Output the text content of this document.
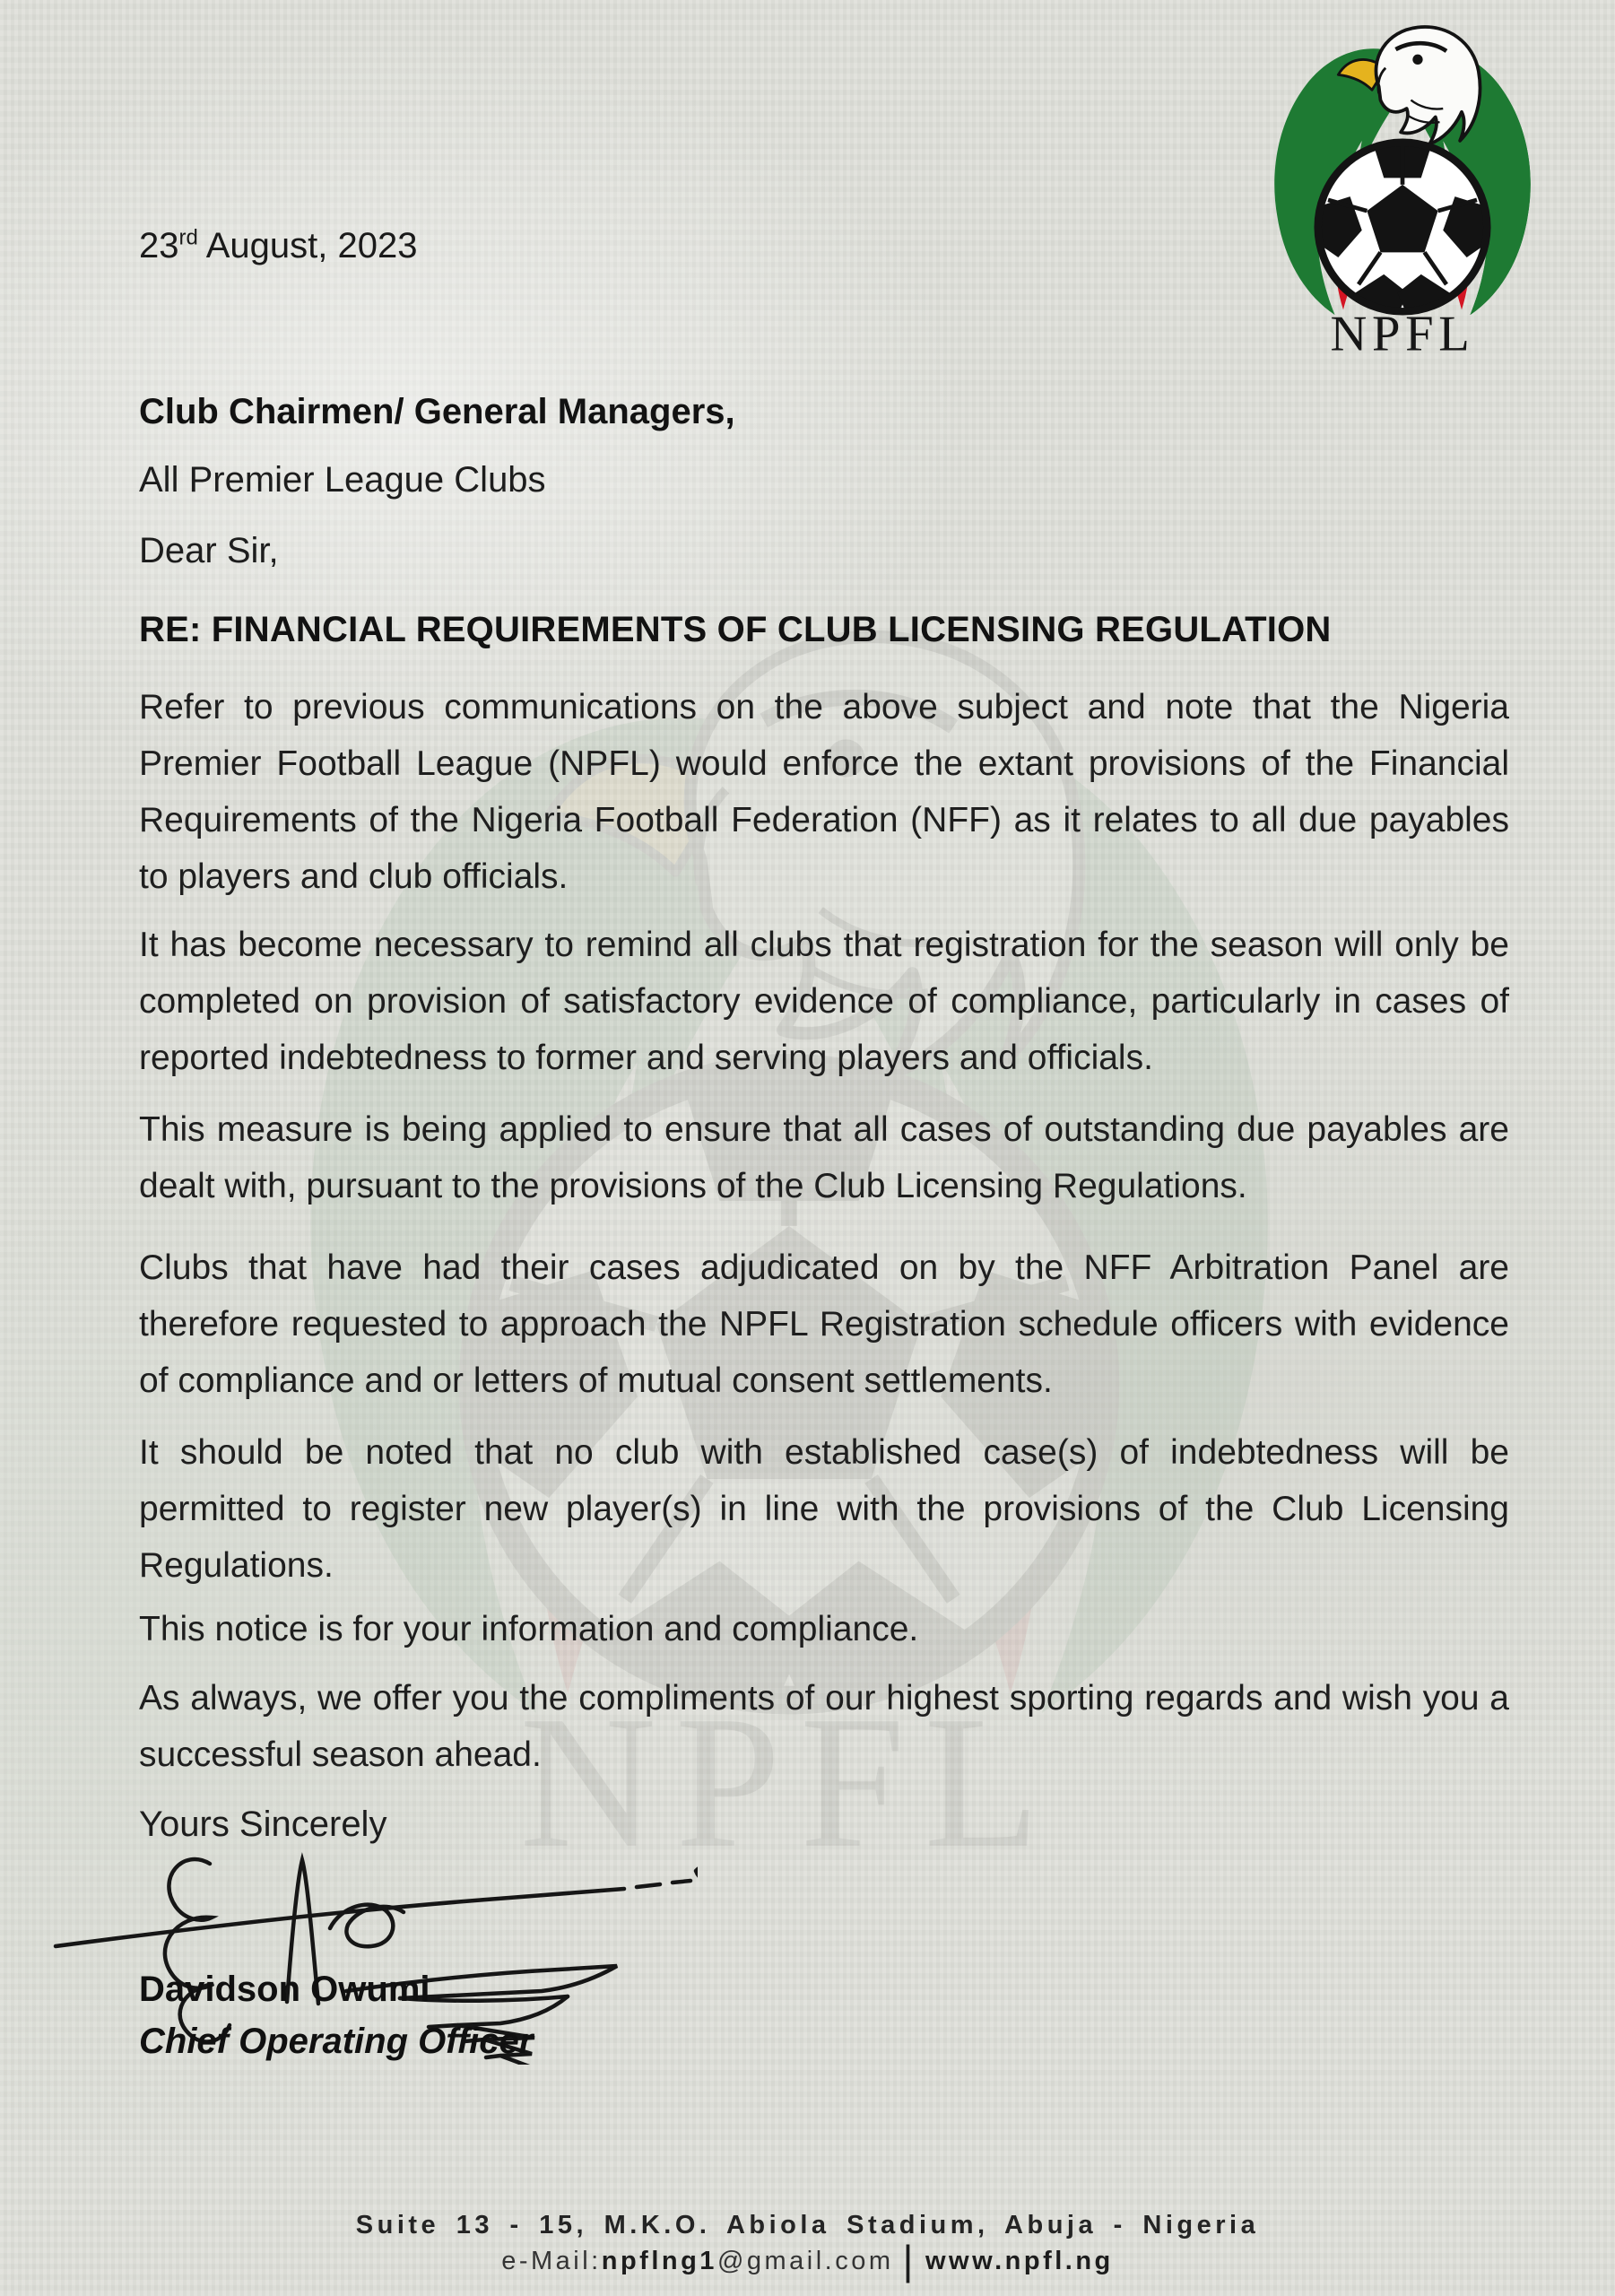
23rd August, 2023
Club Chairmen/ General Managers,
All Premier League Clubs
Dear Sir,
RE: FINANCIAL REQUIREMENTS OF CLUB LICENSING REGULATION

Refer to previous communications on the above subject and note that the Nigeria Premier Football League (NPFL) would enforce the extant provisions of the Financial Requirements of the Nigeria Football Federation (NFF) as it relates to all due payables to players and club officials.

It has become necessary to remind all clubs that registration for the season will only be completed on provision of satisfactory evidence of compliance, particularly in cases of reported indebtedness to former and serving players and officials.

This measure is being applied to ensure that all cases of outstanding due payables are dealt with, pursuant to the provisions of the Club Licensing Regulations.

Clubs that have had their cases adjudicated on by the NFF Arbitration Panel are therefore requested to approach the NPFL Registration schedule officers with evidence of compliance and or letters of mutual consent settlements.

It should be noted that no club with established case(s) of indebtedness will be permitted to register new player(s) in line with the provisions of the Club Licensing Regulations.

This notice is for your information and compliance.

As always, we offer you the compliments of our highest sporting regards and wish you a successful season ahead.

Yours Sincerely
Davidson Owumi
Chief Operating Officer
Suite 13 - 15, M.K.O. Abiola Stadium, Abuja - Nigeria
e-Mail:npflng1@gmail.com | www.npfl.ng
